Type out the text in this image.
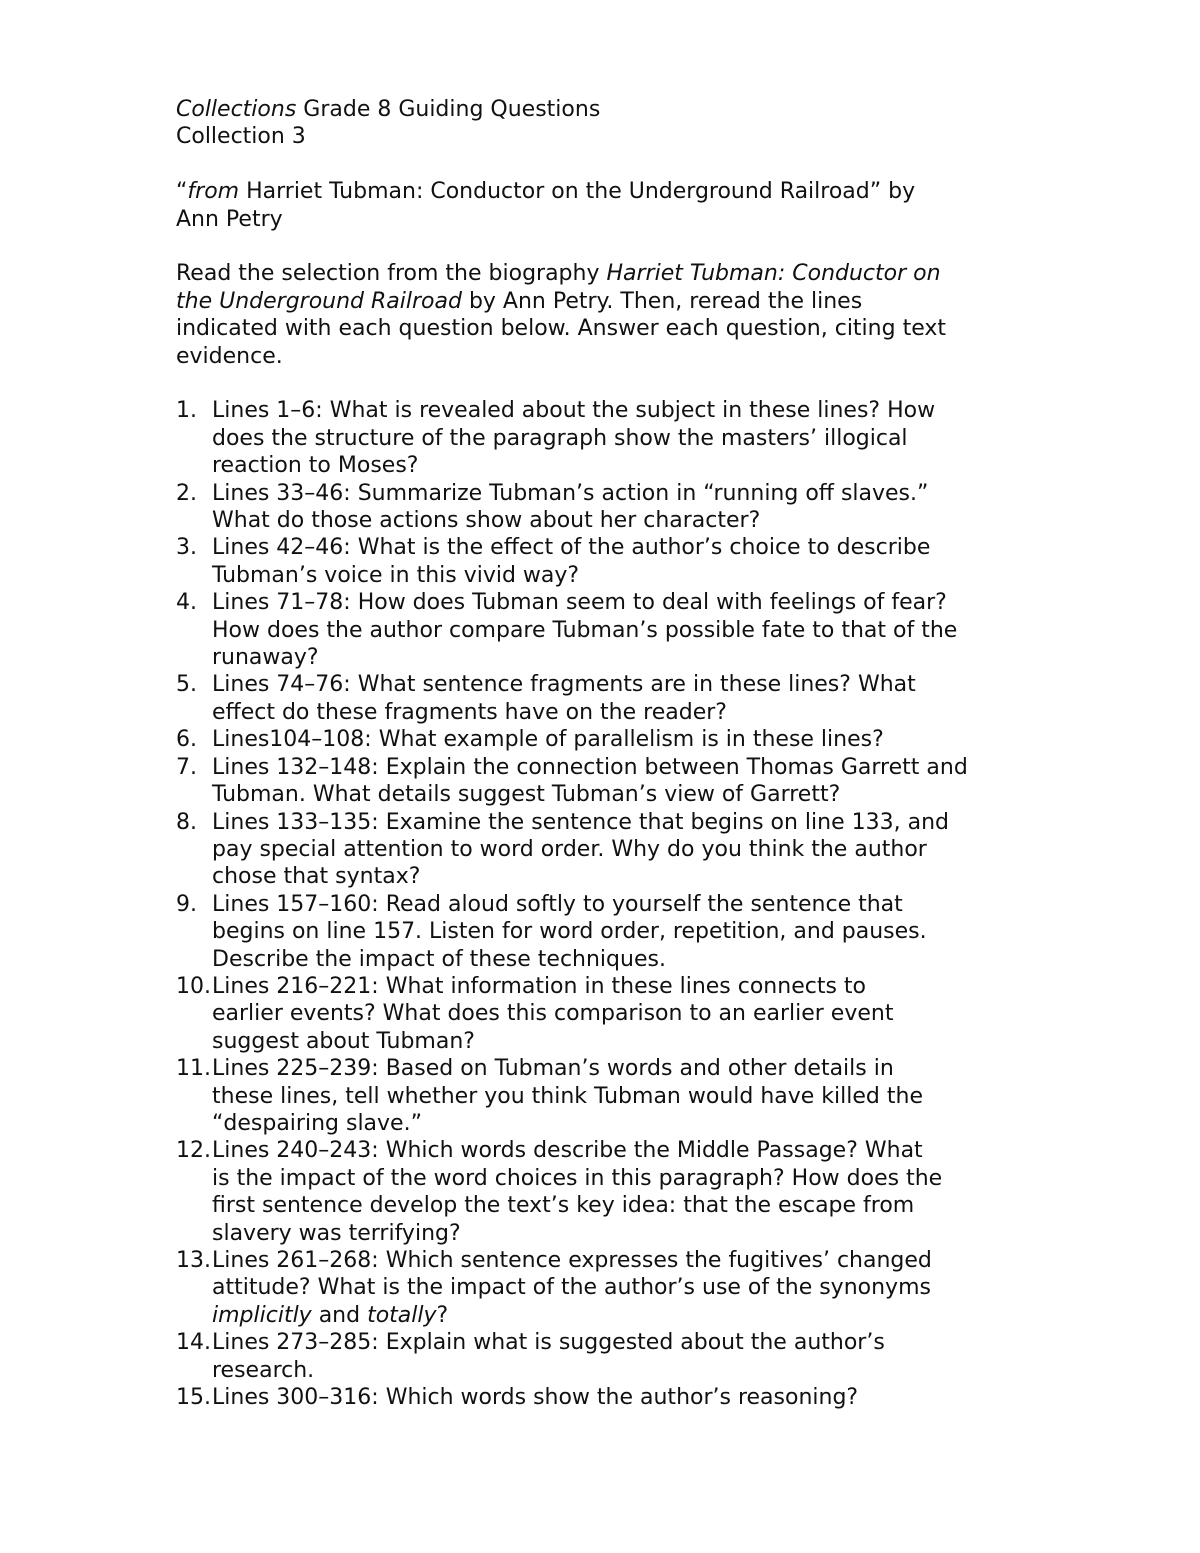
Collections Grade 8 Guiding Questions
Collection 3
“from Harriet Tubman: Conductor on the Underground Railroad” by
Ann Petry
Read the selection from the biography Harriet Tubman: Conductor on
the Underground Railroad by Ann Petry. Then, reread the lines
indicated with each question below. Answer each question, citing text
evidence.
1. Lines 1–6: What is revealed about the subject in these lines? How
does the structure of the paragraph show the masters’ illogical
reaction to Moses?
2. Lines 33–46: Summarize Tubman’s action in “running off slaves.”
What do those actions show about her character?
3. Lines 42–46: What is the effect of the author’s choice to describe
Tubman’s voice in this vivid way?
4. Lines 71–78: How does Tubman seem to deal with feelings of fear?
How does the author compare Tubman’s possible fate to that of the
runaway?
5. Lines 74–76: What sentence fragments are in these lines? What
effect do these fragments have on the reader?
6. Lines104–108: What example of parallelism is in these lines?
7. Lines 132–148: Explain the connection between Thomas Garrett and
Tubman. What details suggest Tubman’s view of Garrett?
8. Lines 133–135: Examine the sentence that begins on line 133, and
pay special attention to word order. Why do you think the author
chose that syntax?
9. Lines 157–160: Read aloud softly to yourself the sentence that
begins on line 157. Listen for word order, repetition, and pauses.
Describe the impact of these techniques.
10. Lines 216–221: What information in these lines connects to
earlier events? What does this comparison to an earlier event
suggest about Tubman?
11. Lines 225–239: Based on Tubman’s words and other details in
these lines, tell whether you think Tubman would have killed the
“despairing slave.”
12. Lines 240–243: Which words describe the Middle Passage? What
is the impact of the word choices in this paragraph? How does the
first sentence develop the text’s key idea: that the escape from
slavery was terrifying?
13. Lines 261–268: Which sentence expresses the fugitives’ changed
attitude? What is the impact of the author’s use of the synonyms
implicitly and totally?
14. Lines 273–285: Explain what is suggested about the author’s
research.
15. Lines 300–316: Which words show the author’s reasoning?
